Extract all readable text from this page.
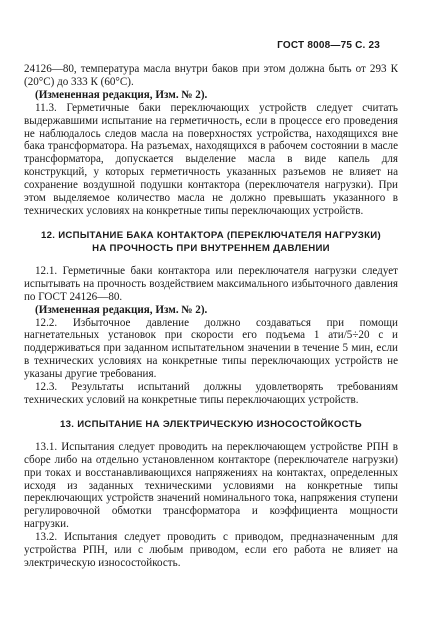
ГОСТ 8008—75 С. 23

24126—80, температура масла внутри баков при этом должна быть от 293 К (20°С) до 333 К (60°С).

(Измененная редакция, Изм. № 2).

11.3. Герметичные баки переключающих устройств следует считать выдержавшими испытание на герметичность, если в процессе его проведения не наблюдалось следов масла на поверхностях устройства, находящихся вне бака трансформатора. На разъемах, находящихся в рабочем состоянии в масле трансформатора, допускается выделение масла в виде капель для конструкций, у которых герметичность указанных разъемов не влияет на сохранение воздушной подушки контактора (переключателя нагрузки). При этом выделяемое количество масла не должно превышать указанного в технических условиях на конкретные типы переключающих устройств.

12. ИСПЫТАНИЕ БАКА КОНТАКТОРА (ПЕРЕКЛЮЧАТЕЛЯ НАГРУЗКИ)
НА ПРОЧНОСТЬ ПРИ ВНУТРЕННЕМ ДАВЛЕНИИ

12.1. Герметичные баки контактора или переключателя нагрузки следует испытывать на прочность воздействием максимального избыточного давления по ГОСТ 24126—80.

(Измененная редакция, Изм. № 2).

12.2. Избыточное давление должно создаваться при помощи нагнетательных установок при скорости его подъема 1 ати/5÷20 с и поддерживаться при заданном испытательном значении в течение 5 мин, если в технических условиях на конкретные типы переключающих устройств не указаны другие требования.

12.3. Результаты испытаний должны удовлетворять требованиям технических условий на конкретные типы переключающих устройств.

13. ИСПЫТАНИЕ НА ЭЛЕКТРИЧЕСКУЮ ИЗНОСОСТОЙКОСТЬ

13.1. Испытания следует проводить на переключающем устройстве РПН в сборе либо на отдельно установленном контакторе (переключателе нагрузки) при токах и восстанавливающихся напряжениях на контактах, определенных исходя из заданных техническими условиями на конкретные типы переключающих устройств значений номинального тока, напряжения ступени регулировочной обмотки трансформатора и коэффициента мощности нагрузки.

13.2. Испытания следует проводить с приводом, предназначенным для устройства РПН, или с любым приводом, если его работа не влияет на электрическую износостойкость.
